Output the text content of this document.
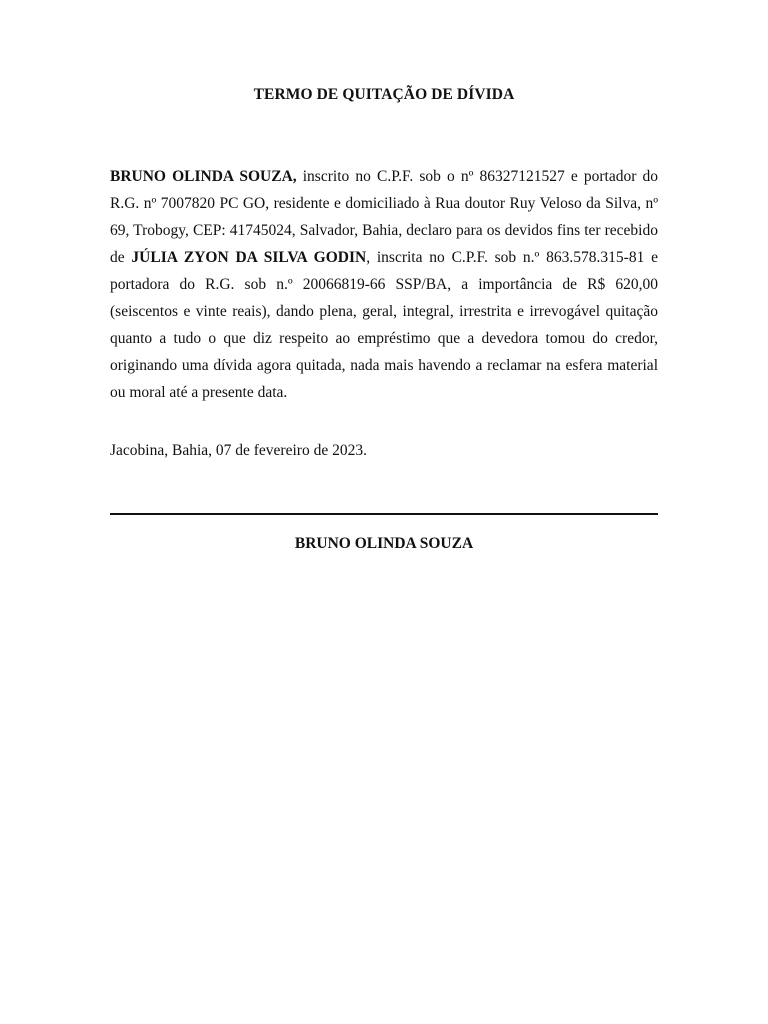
TERMO DE QUITAÇÃO DE DÍVIDA

BRUNO OLINDA SOUZA, inscrito no C.P.F. sob o nº 86327121527 e portador do R.G. nº 7007820 PC GO, residente e domiciliado à Rua doutor Ruy Veloso da Silva, nº 69, Trobogy, CEP: 41745024, Salvador, Bahia, declaro para os devidos fins ter recebido de JÚLIA ZYON DA SILVA GODIN, inscrita no C.P.F. sob n.º 863.578.315-81 e portadora do R.G. sob n.º 20066819-66 SSP/BA, a importância de R$ 620,00 (seiscentos e vinte reais), dando plena, geral, integral, irrestrita e irrevogável quitação quanto a tudo o que diz respeito ao empréstimo que a devedora tomou do credor, originando uma dívida agora quitada, nada mais havendo a reclamar na esfera material ou moral até a presente data.

Jacobina, Bahia, 07 de fevereiro de 2023.
BRUNO OLINDA SOUZA
